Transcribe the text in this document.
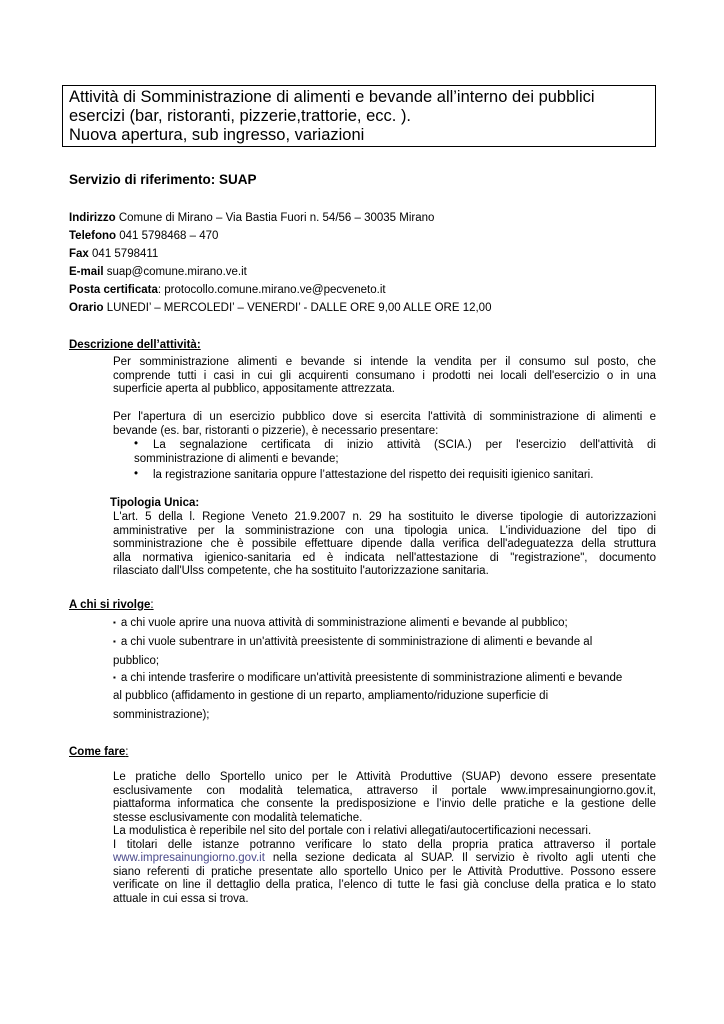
Attività di Somministrazione di alimenti e bevande all’interno dei pubblici
esercizi (bar, ristoranti, pizzerie,trattorie, ecc. ).
Nuova apertura, sub ingresso, variazioni
Servizio di riferimento: SUAP
Indirizzo Comune di Mirano – Via Bastia Fuori n. 54/56 – 30035 Mirano
Telefono 041 5798468 – 470
Fax 041 5798411
E-mail suap@comune.mirano.ve.it
Posta certificata: protocollo.comune.mirano.ve@pecveneto.it
Orario LUNEDI’ – MERCOLEDI’ – VENERDI’ - DALLE ORE 9,00 ALLE ORE 12,00
Descrizione dell’attività:
Per somministrazione alimenti e bevande si intende la vendita per il consumo sul posto, che
comprende tutti i casi in cui gli acquirenti consumano i prodotti nei locali dell'esercizio o in una
superficie aperta al pubblico, appositamente attrezzata.
Per l'apertura di un esercizio pubblico dove si esercita l'attività di somministrazione di alimenti e
bevande (es. bar, ristoranti o pizzerie), è necessario presentare:
• La segnalazione certificata di inizio attività (SCIA.) per l'esercizio dell'attività di
somministrazione di alimenti e bevande;
• la registrazione sanitaria oppure l’attestazione del rispetto dei requisiti igienico sanitari.
Tipologia Unica:
L'art. 5 della l. Regione Veneto 21.9.2007 n. 29 ha sostituito le diverse tipologie di autorizzazioni
amministrative per la somministrazione con una tipologia unica. L’individuazione del tipo di
somministrazione che è possibile effettuare dipende dalla verifica dell'adeguatezza della struttura
alla normativa igienico-sanitaria ed è indicata nell'attestazione di "registrazione", documento
rilasciato dall'Ulss competente, che ha sostituito l'autorizzazione sanitaria.
A chi si rivolge:
▪ a chi vuole aprire una nuova attività di somministrazione alimenti e bevande al pubblico;
▪ a chi vuole subentrare in un'attività preesistente di somministrazione di alimenti e bevande al
pubblico;
▪ a chi intende trasferire o modificare un'attività preesistente di somministrazione alimenti e bevande
al pubblico (affidamento in gestione di un reparto, ampliamento/riduzione superficie di
somministrazione);
Come fare:
Le pratiche dello Sportello unico per le Attività Produttive (SUAP) devono essere presentate
esclusivamente con modalità telematica, attraverso il portale www.impresainungiorno.gov.it,
piattaforma informatica che consente la predisposizione e l’invio delle pratiche e la gestione delle
stesse esclusivamente con modalità telematiche.
La modulistica è reperibile nel sito del portale con i relativi allegati/autocertificazioni necessari.
I titolari delle istanze potranno verificare lo stato della propria pratica attraverso il portale
www.impresainungiorno.gov.it nella sezione dedicata al SUAP. Il servizio è rivolto agli utenti che
siano referenti di pratiche presentate allo sportello Unico per le Attività Produttive. Possono essere
verificate on line il dettaglio della pratica, l’elenco di tutte le fasi già concluse della pratica e lo stato
attuale in cui essa si trova.
